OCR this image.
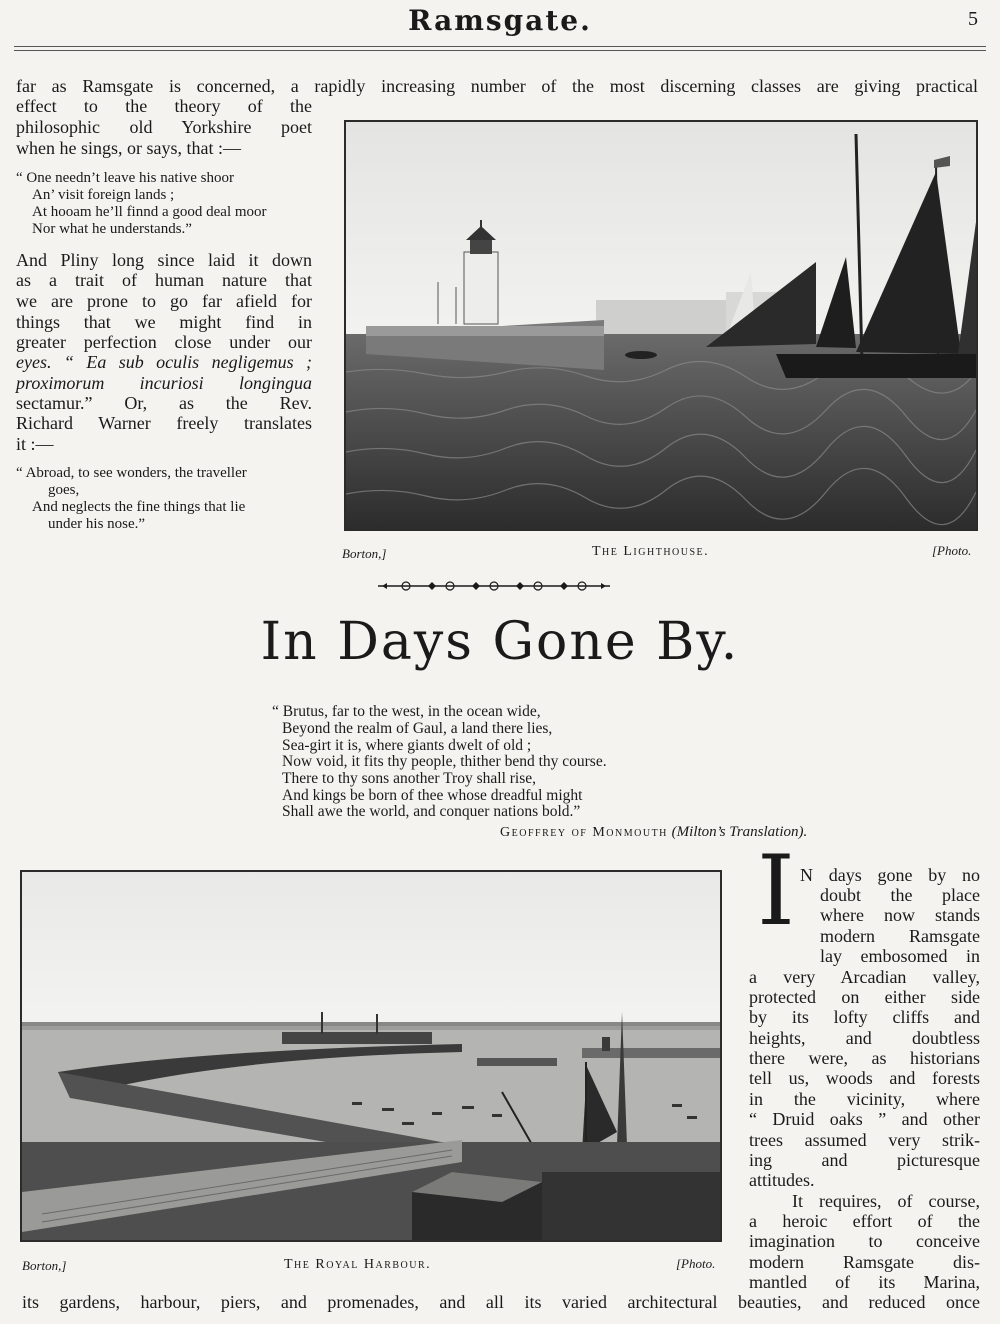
Ramsgate.	5
far as Ramsgate is concerned, a rapidly increasing number of the most discerning classes are giving practical
effect to the theory of the
philosophic old Yorkshire poet
when he sings, or says, that :—
“ One needn’t leave his native shoor
An’ visit foreign lands ;
At hooam he’ll finnd a good deal moor
Nor what he understands.”
And Pliny long since laid it down
as a trait of human nature that
we are prone to go far afield for
things that we might find in
greater perfection close under our
eyes. “ Ea sub oculis negligemus ;
proximorum incuriosi longingua
sectamur.” Or, as the Rev.
Richard Warner freely translates
it :—
“ Abroad, to see wonders, the traveller
goes,
And neglects the fine things that lie
under his nose.”
Borton,]	The Lighthouse.	[Photo.
In Days Gone By.
“ Brutus, far to the west, in the ocean wide,
Beyond the realm of Gaul, a land there lies,
Sea-girt it is, where giants dwelt of old ;
Now void, it fits thy people, thither bend thy course.
There to thy sons another Troy shall rise,
And kings be born of thee whose dreadful might
Shall awe the world, and conquer nations bold.”
Geoffrey of Monmouth (Milton’s Translation).
Borton,]	The Royal Harbour.	[Photo.
I N days gone by no
doubt the place
where now stands
modern Ramsgate
lay embosomed in
a very Arcadian valley,
protected on either side
by its lofty cliffs and
heights, and doubtless
there were, as historians
tell us, woods and forests
in the vicinity, where
“ Druid oaks ” and other
trees assumed very strik-
ing and picturesque
attitudes.
It requires, of course,
a heroic effort of the
imagination to conceive
modern Ramsgate dis-
mantled of its Marina,
its gardens, harbour, piers, and promenades, and all its varied architectural beauties, and reduced once
